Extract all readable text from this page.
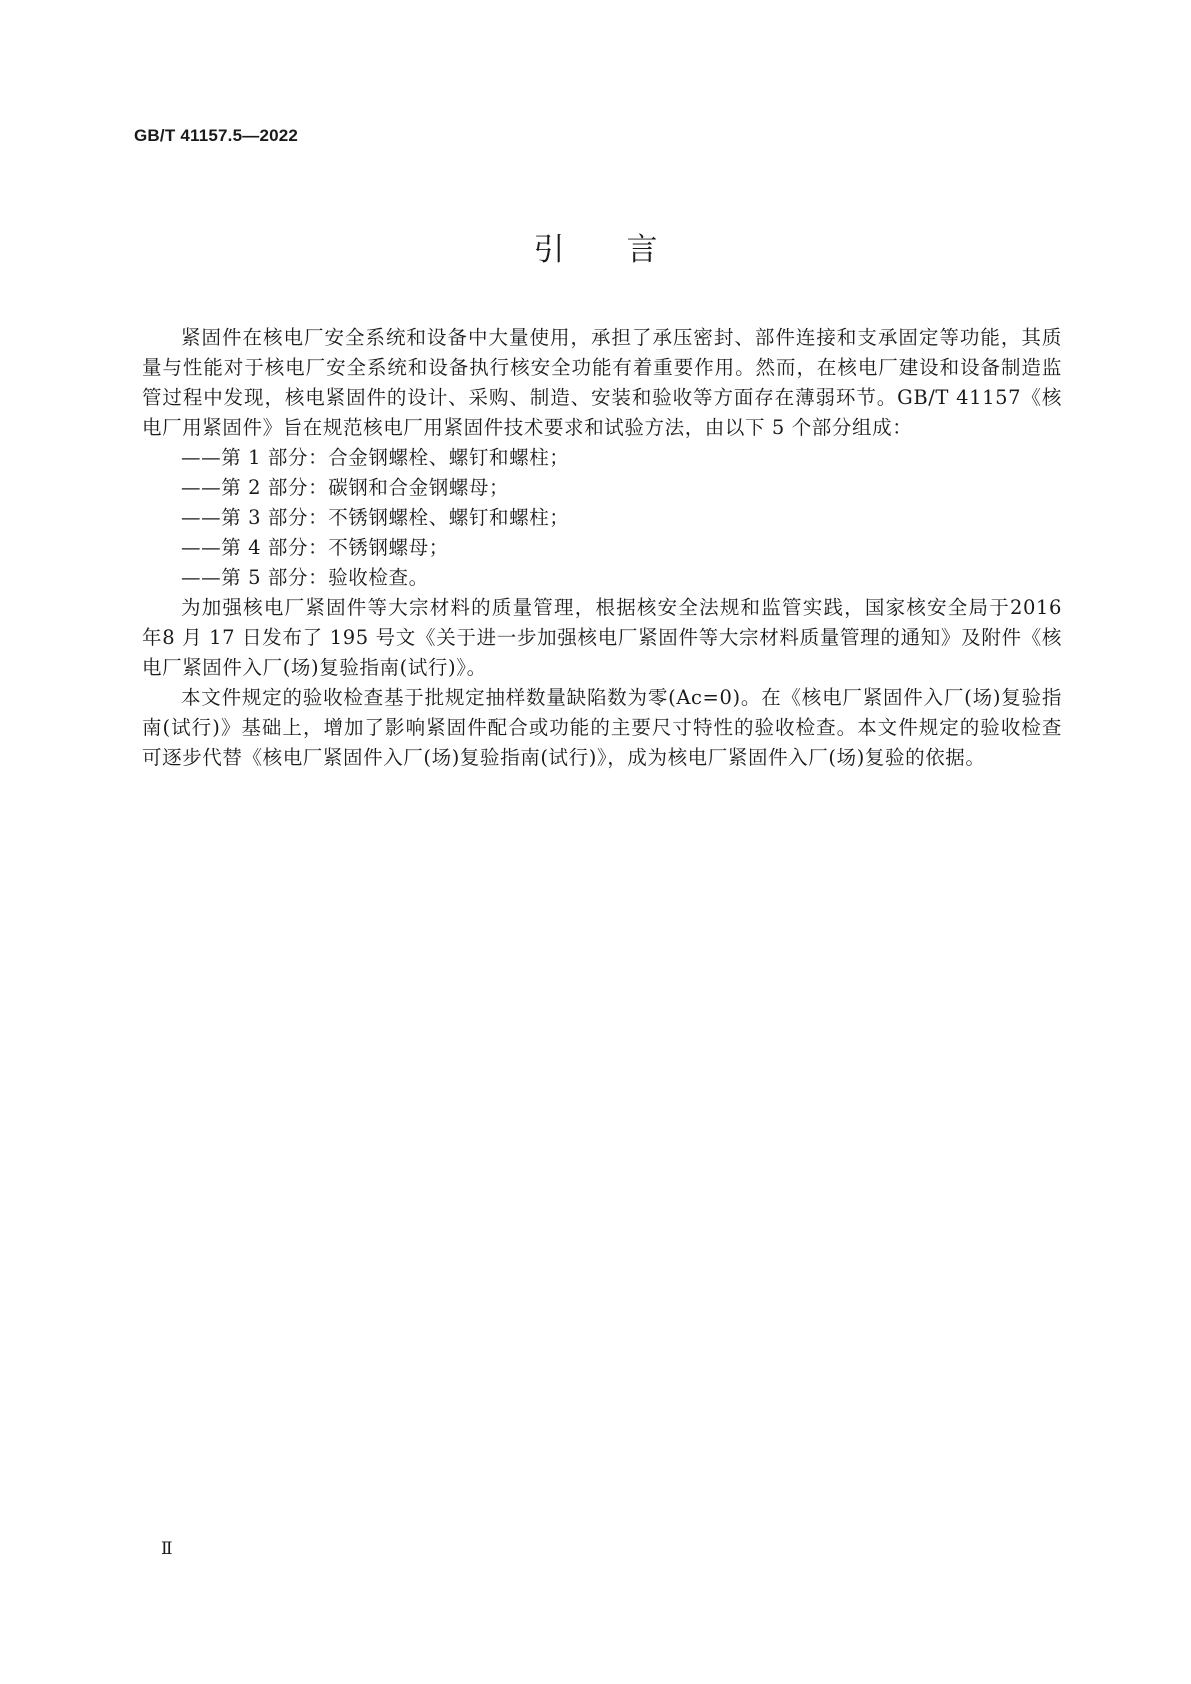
GB/T 41157.5—2022
引言

紧固件在核电厂安全系统和设备中大量使用，承担了承压密封、部件连接和支承固定等功能，其质量与性能对于核电厂安全系统和设备执行核安全功能有着重要作用。然而，在核电厂建设和设备制造监管过程中发现，核电紧固件的设计、采购、制造、安装和验收等方面存在薄弱环节。GB/T 41157《核电厂用紧固件》旨在规范核电厂用紧固件技术要求和试验方法，由以下 5 个部分组成：

——第 1 部分：合金钢螺栓、螺钉和螺柱；
——第 2 部分：碳钢和合金钢螺母；
——第 3 部分：不锈钢螺栓、螺钉和螺柱；
——第 4 部分：不锈钢螺母；
——第 5 部分：验收检查。

为加强核电厂紧固件等大宗材料的质量管理，根据核安全法规和监管实践，国家核安全局于2016 年8 月 17 日发布了 195 号文《关于进一步加强核电厂紧固件等大宗材料质量管理的通知》及附件《核电厂紧固件入厂(场)复验指南(试行)》。

本文件规定的验收检查基于批规定抽样数量缺陷数为零(Ac=0)。在《核电厂紧固件入厂(场)复验指南(试行)》基础上，增加了影响紧固件配合或功能的主要尺寸特性的验收检查。本文件规定的验收检查可逐步代替《核电厂紧固件入厂(场)复验指南(试行)》，成为核电厂紧固件入厂(场)复验的依据。

Ⅱ
